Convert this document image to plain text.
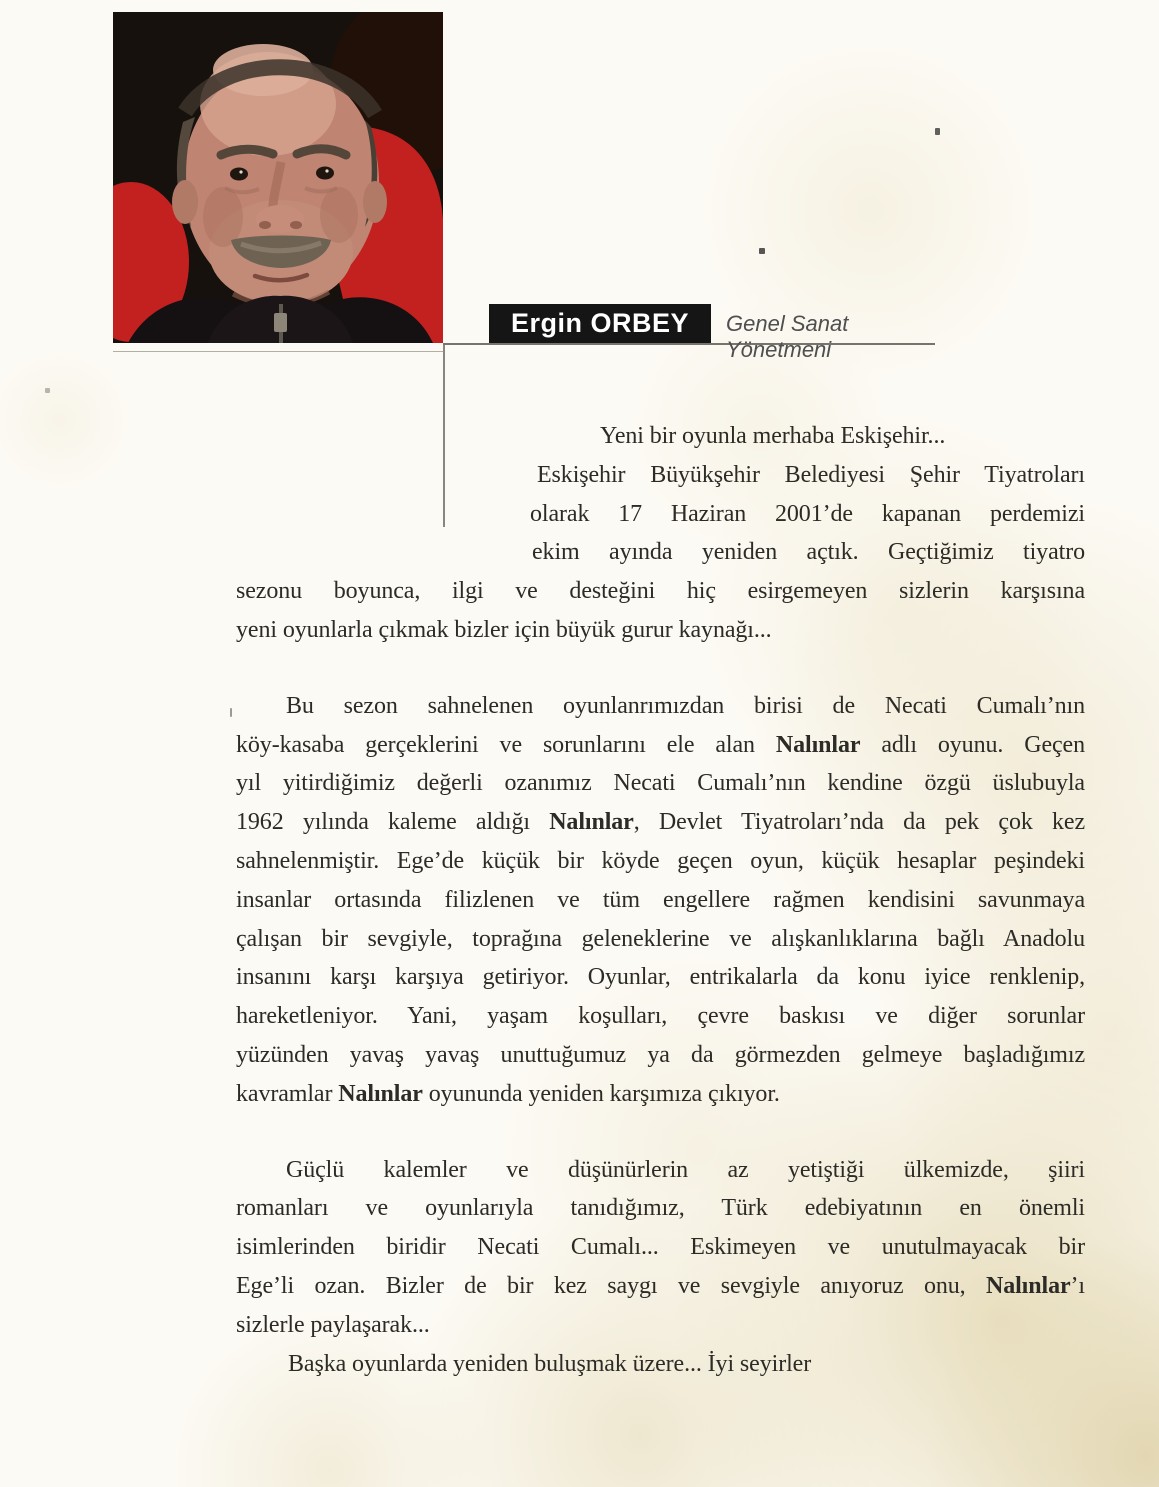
Ergin ORBEY Genel Sanat Yönetmeni
Yeni bir oyunla merhaba Eskişehir...
Eskişehir Büyükşehir Belediyesi Şehir Tiyatroları
olarak 17 Haziran 2001’de kapanan perdemizi
ekim ayında yeniden açtık. Geçtiğimiz tiyatro
sezonu boyunca, ilgi ve desteğini hiç esirgemeyen sizlerin karşısına
yeni oyunlarla çıkmak bizler için büyük gurur kaynağı...
Bu sezon sahnelenen oyunlanrımızdan birisi de Necati Cumalı’nın
köy-kasaba gerçeklerini ve sorunlarını ele alan Nalınlar adlı oyunu. Geçen
yıl yitirdiğimiz değerli ozanımız Necati Cumalı’nın kendine özgü üslubuyla
1962 yılında kaleme aldığı Nalınlar, Devlet Tiyatroları’nda da pek çok kez
sahnelenmiştir. Ege’de küçük bir köyde geçen oyun, küçük hesaplar peşindeki
insanlar ortasında filizlenen ve tüm engellere rağmen kendisini savunmaya
çalışan bir sevgiyle, toprağına geleneklerine ve alışkanlıklarına bağlı Anadolu
insanını karşı karşıya getiriyor. Oyunlar, entrikalarla da konu iyice renklenip,
hareketleniyor. Yani, yaşam koşulları, çevre baskısı ve diğer sorunlar
yüzünden yavaş yavaş unuttuğumuz ya da görmezden gelmeye başladığımız
kavramlar Nalınlar oyununda yeniden karşımıza çıkıyor.
Güçlü kalemler ve düşünürlerin az yetiştiği ülkemizde, şiiri
romanları ve oyunlarıyla tanıdığımız, Türk edebiyatının en önemli
isimlerinden biridir Necati Cumalı... Eskimeyen ve unutulmayacak bir
Ege’li ozan. Bizler de bir kez saygı ve sevgiyle anıyoruz onu, Nalınlar’ı
sizlerle paylaşarak...
Başka oyunlarda yeniden buluşmak üzere... İyi seyirler
